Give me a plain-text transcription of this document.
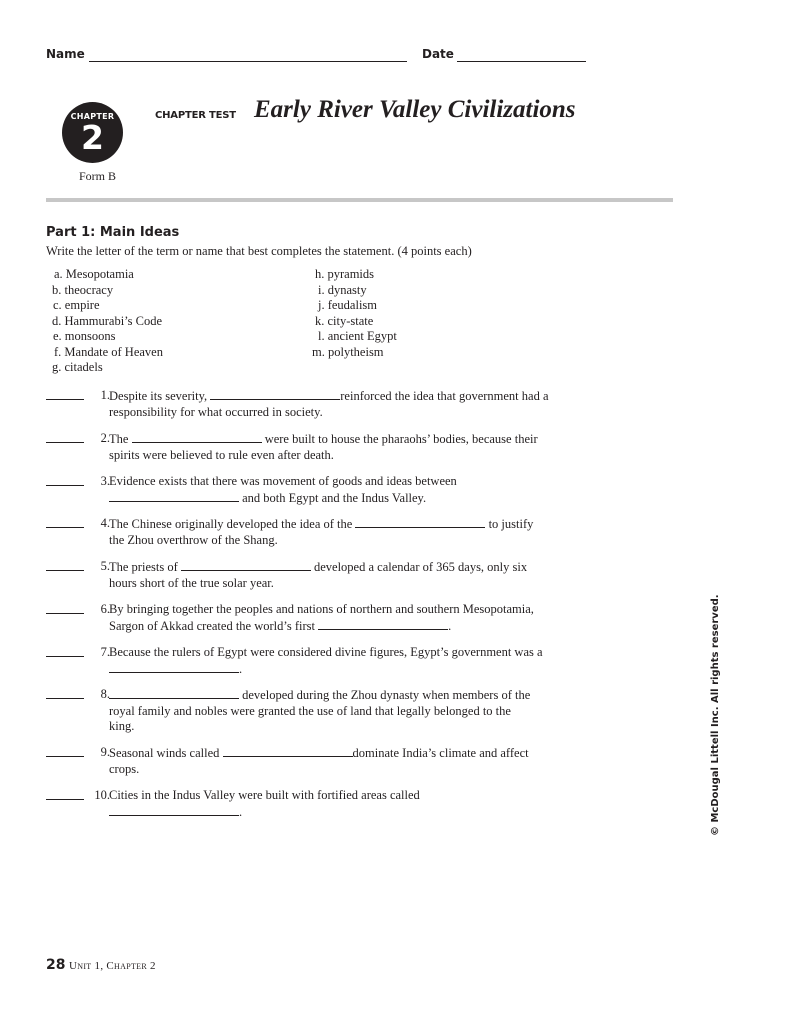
Name	Date
CHAPTER
2
Form B
CHAPTER TEST Early River Valley Civilizations
Part 1: Main Ideas
Write the letter of the term or name that best completes the statement. (4 points each)
a. Mesopotamia
b. theocracy
c. empire
d. Hammurabi’s Code
e. monsoons
f. Mandate of Heaven
g. citadels
h. pyramids
i. dynasty
j. feudalism
k. city-state
l. ancient Egypt
m. polytheism
1. Despite its severity,	reinforced the idea that government had a responsibility for what occurred in society.
2. The	were built to house the pharaohs’ bodies, because their spirits were believed to rule even after death.
3. Evidence exists that there was movement of goods and ideas between  and both Egypt and the Indus Valley.
4. The Chinese originally developed the idea of the	to justify the Zhou overthrow of the Shang.
5. The priests of	developed a calendar of 365 days, only six hours short of the true solar year.
6. By bringing together the peoples and nations of northern and southern Mesopotamia, Sargon of Akkad created the world’s first	.
7. Because the rulers of Egypt were considered divine figures, Egypt’s government was a .
8.	developed during the Zhou dynasty when members of the royal family and nobles were granted the use of land that legally belonged to the king.
9. Seasonal winds called	dominate India’s climate and affect crops.
10. Cities in the Indus Valley were built with fortified areas called .	© McDougal Littell Inc. All rights reserved.
28 Unit 1, Chapter 2
